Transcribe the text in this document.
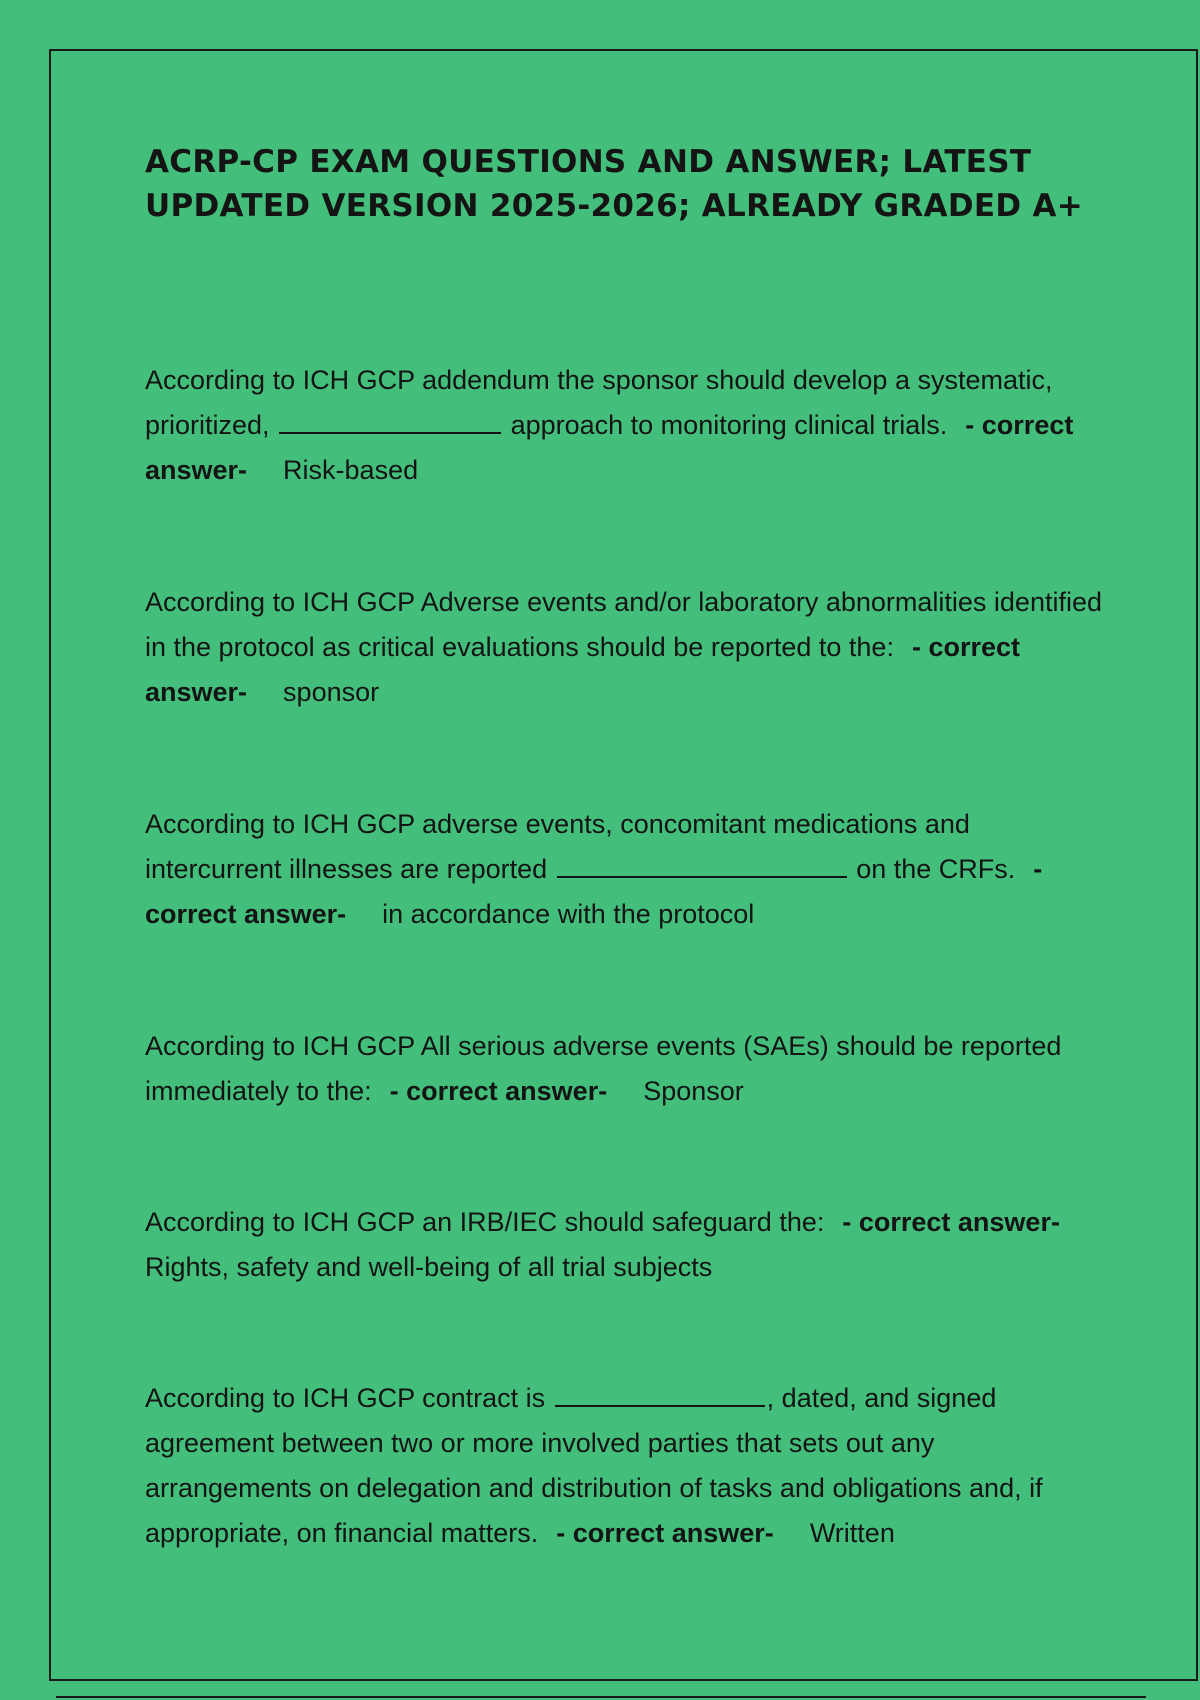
ACRP-CP EXAM QUESTIONS AND ANSWER; LATEST UPDATED VERSION 2025-2026; ALREADY GRADED A+

According to ICH GCP addendum the sponsor should develop a systematic, prioritized,	approach to monitoring clinical trials. - correct answer- Risk-based

According to ICH GCP Adverse events and/or laboratory abnormalities identified in the protocol as critical evaluations should be reported to the: - correct answer- sponsor

According to ICH GCP adverse events, concomitant medications and intercurrent illnesses are reported	on the CRFs. - correct answer- in accordance with the protocol

According to ICH GCP All serious adverse events (SAEs) should be reported immediately to the: - correct answer- Sponsor

According to ICH GCP an IRB/IEC should safeguard the: - correct answer-Rights, safety and well-being of all trial subjects

According to ICH GCP contract is	, dated, and signed agreement between two or more involved parties that sets out any arrangements on delegation and distribution of tasks and obligations and, if appropriate, on financial matters. - correct answer- Written
